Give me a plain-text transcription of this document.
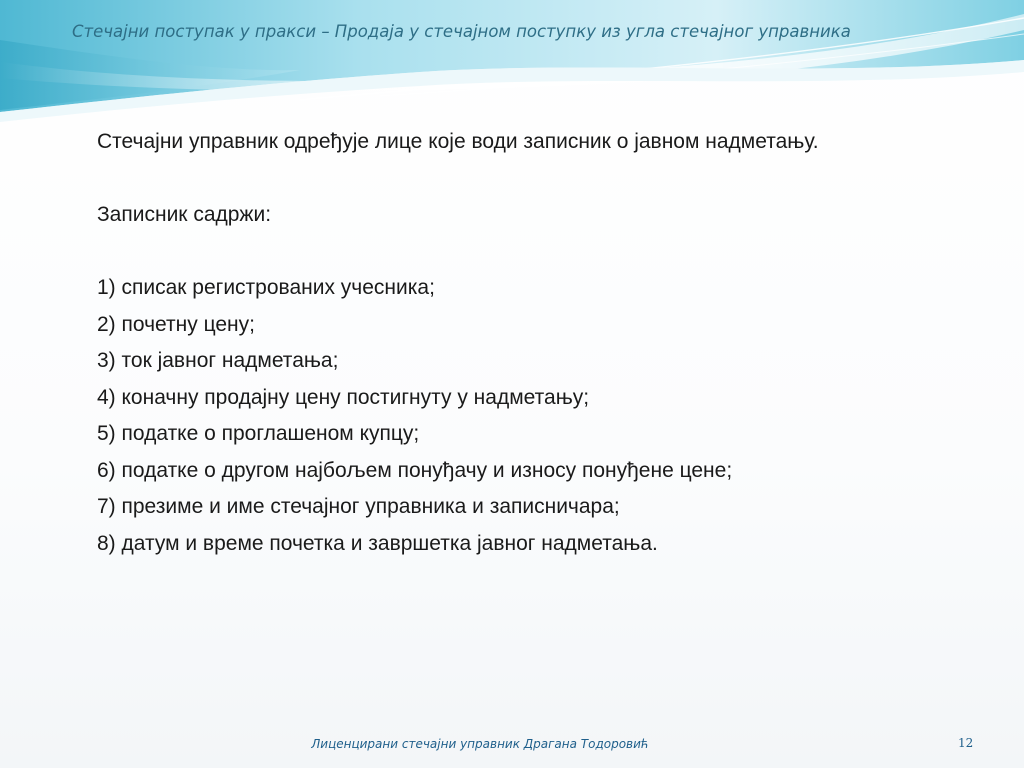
Стечајни поступак у пракси – Продаја у стечајном поступку из угла стечајног управника

Стечајни управник одређује лице које води записник о јавном надметању.

Записник садржи:

1) списак регистрованих учесника;

2) почетну цену;

3) ток јавног надметања;

4) коначну продајну цену постигнуту у надметању;

5) податке о проглашеном купцу;

6) податке о другом најбољем понуђачу и износу понуђене цене;

7) презиме и име стечајног управника и записничара;

8) датум и време почетка и завршетка јавног надметања.

Лиценцирани стечајни управник Драгана Тодоровић	12
